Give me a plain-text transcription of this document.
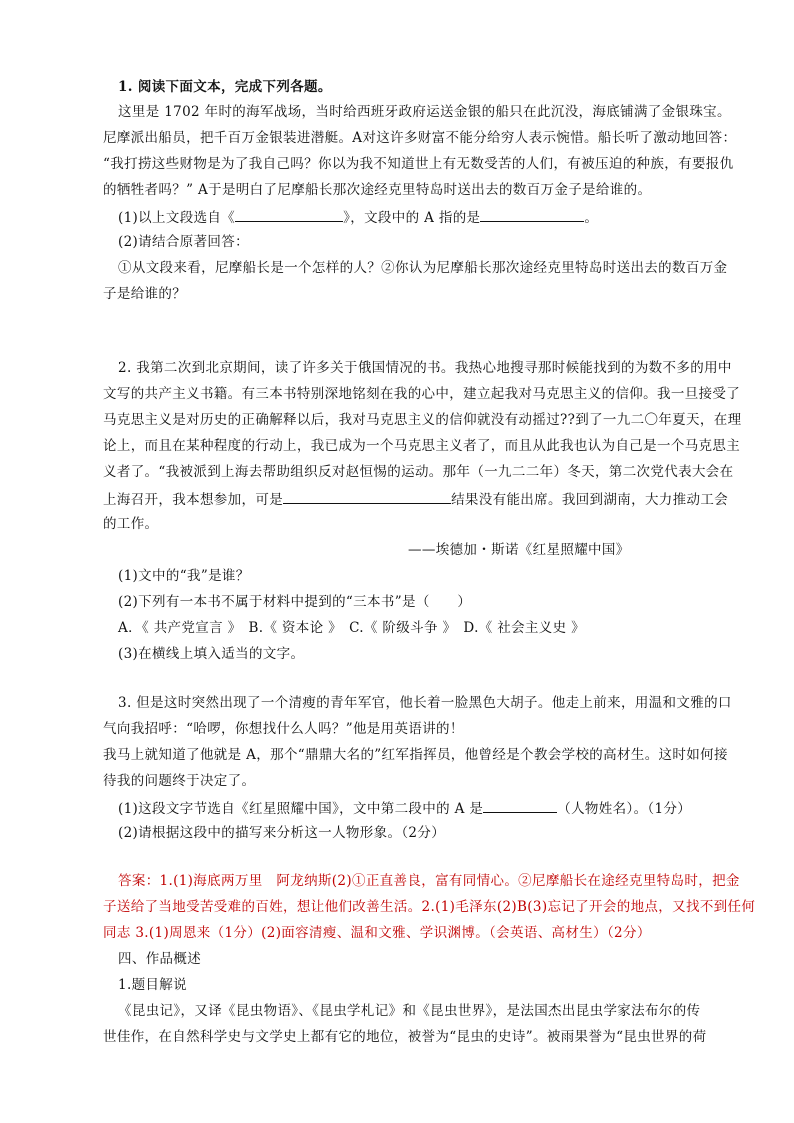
1. 阅读下面文本，完成下列各题。
这里是 1702 年时的海军战场，当时给西班牙政府运送金银的船只在此沉没，海底铺满了金银珠宝。
尼摩派出船员，把千百万金银装进潜艇。A对这许多财富不能分给穷人表示惋惜。船长听了激动地回答：
“我打捞这些财物是为了我自己吗？你以为我不知道世上有无数受苦的人们，有被压迫的种族，有要报仇
的牺牲者吗？” A于是明白了尼摩船长那次途经克里特岛时送出去的数百万金子是给谁的。
(1)以上文段选自《	》，文段中的 A 指的是	。
(2)请结合原著回答：
①从文段来看，尼摩船长是一个怎样的人？②你认为尼摩船长那次途经克里特岛时送出去的数百万金
子是给谁的？
2. 我第二次到北京期间，读了许多关于俄国情况的书。我热心地搜寻那时候能找到的为数不多的用中
文写的共产主义书籍。有三本书特别深地铭刻在我的心中，建立起我对马克思主义的信仰。我一旦接受了
马克思主义是对历史的正确解释以后，我对马克思主义的信仰就没有动摇过??到了一九二〇年夏天，在理
论上，而且在某种程度的行动上，我已成为一个马克思主义者了，而且从此我也认为自己是一个马克思主
义者了。“我被派到上海去帮助组织反对赵恒惕的运动。那年（一九二二年）冬天，第二次党代表大会在
上海召开，我本想参加，可是	结果没有能出席。我回到湖南，大力推动工会
的工作。
——埃德加・斯诺《红星照耀中国》
(1)文中的“我”是谁？
(2)下列有一本书不属于材料中提到的“三本书”是（　　）
A．《 共产党宣言 》　B.《 资本论 》　C.《 阶级斗争 》　D.《 社会主义史 》
(3)在横线上填入适当的文字。
3. 但是这时突然出现了一个清瘦的青年军官，他长着一脸黑色大胡子。他走上前来，用温和文雅的口
气向我招呼：“哈啰，你想找什么人吗？”他是用英语讲的！
我马上就知道了他就是 A，那个“鼎鼎大名的”红军指挥员，他曾经是个教会学校的高材生。这时如何接
待我的问题终于决定了。
(1)这段文字节选自《红星照耀中国》，文中第二段中的 A 是	（人物姓名）。（1分）
(2)请根据这段中的描写来分析这一人物形象。（2分）
答案：1.(1)海底两万里　阿龙纳斯(2)①正直善良，富有同情心。②尼摩船长在途经克里特岛时，把金
子送给了当地受苦受难的百姓，想让他们改善生活。2.(1)毛泽东(2)B(3)忘记了开会的地点，又找不到任何
同志 3.(1)周恩来（1分）(2)面容清瘦、温和文雅、学识渊博。（会英语、高材生）（2分）
四、作品概述
1.题目解说
《昆虫记》，又译《昆虫物语》、《昆虫学札记》和《昆虫世界》，是法国杰出昆虫学家法布尔的传
世佳作，在自然科学史与文学史上都有它的地位，被誉为“昆虫的史诗”。被雨果誉为“昆虫世界的荷
